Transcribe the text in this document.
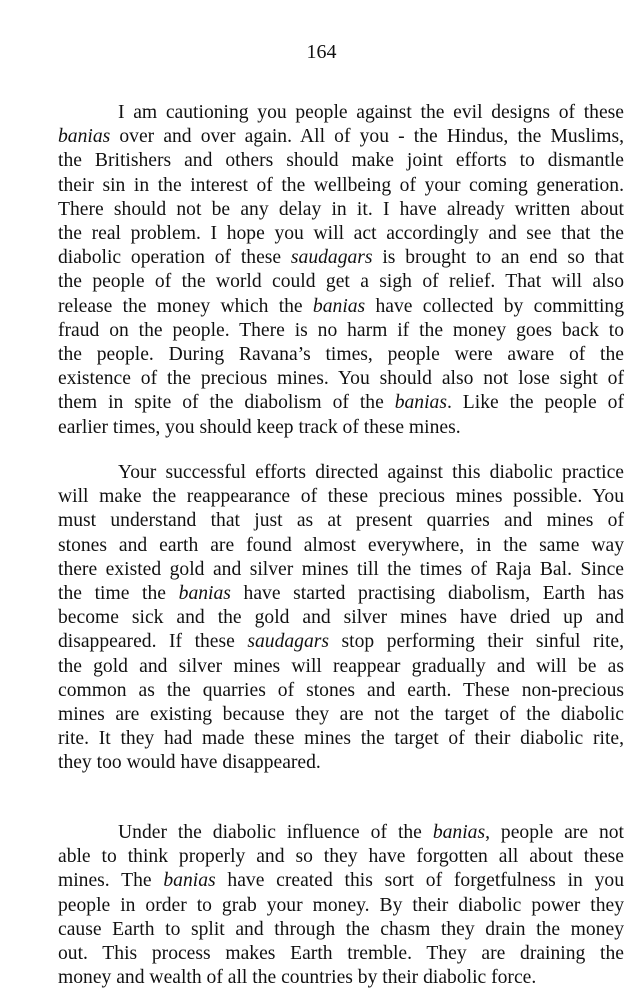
164
I am cautioning you people against the evil designs of these
banias over and over again. All of you - the Hindus, the Muslims,
the Britishers and others should make joint efforts to dismantle
their sin in the interest of the wellbeing of your coming generation.
There should not be any delay in it. I have already written about
the real problem. I hope you will act accordingly and see that the
diabolic operation of these saudagars is brought to an end so that
the people of the world could get a sigh of relief. That will also
release the money which the banias have collected by committing
fraud on the people. There is no harm if the money goes back to
the people. During Ravana’s times, people were aware of the
existence of the precious mines. You should also not lose sight of
them in spite of the diabolism of the banias. Like the people of
earlier times, you should keep track of these mines.
Your successful efforts directed against this diabolic practice
will make the reappearance of these precious mines possible. You
must understand that just as at present quarries and mines of
stones and earth are found almost everywhere, in the same way
there existed gold and silver mines till the times of Raja Bal. Since
the time the banias have started practising diabolism, Earth has
become sick and the gold and silver mines have dried up and
disappeared. If these saudagars stop performing their sinful rite,
the gold and silver mines will reappear gradually and will be as
common as the quarries of stones and earth. These non-precious
mines are existing because they are not the target of the diabolic
rite. It they had made these mines the target of their diabolic rite,
they too would have disappeared.
Under the diabolic influence of the banias, people are not
able to think properly and so they have forgotten all about these
mines. The banias have created this sort of forgetfulness in you
people in order to grab your money. By their diabolic power they
cause Earth to split and through the chasm they drain the money
out. This process makes Earth tremble. They are draining the
money and wealth of all the countries by their diabolic force.
